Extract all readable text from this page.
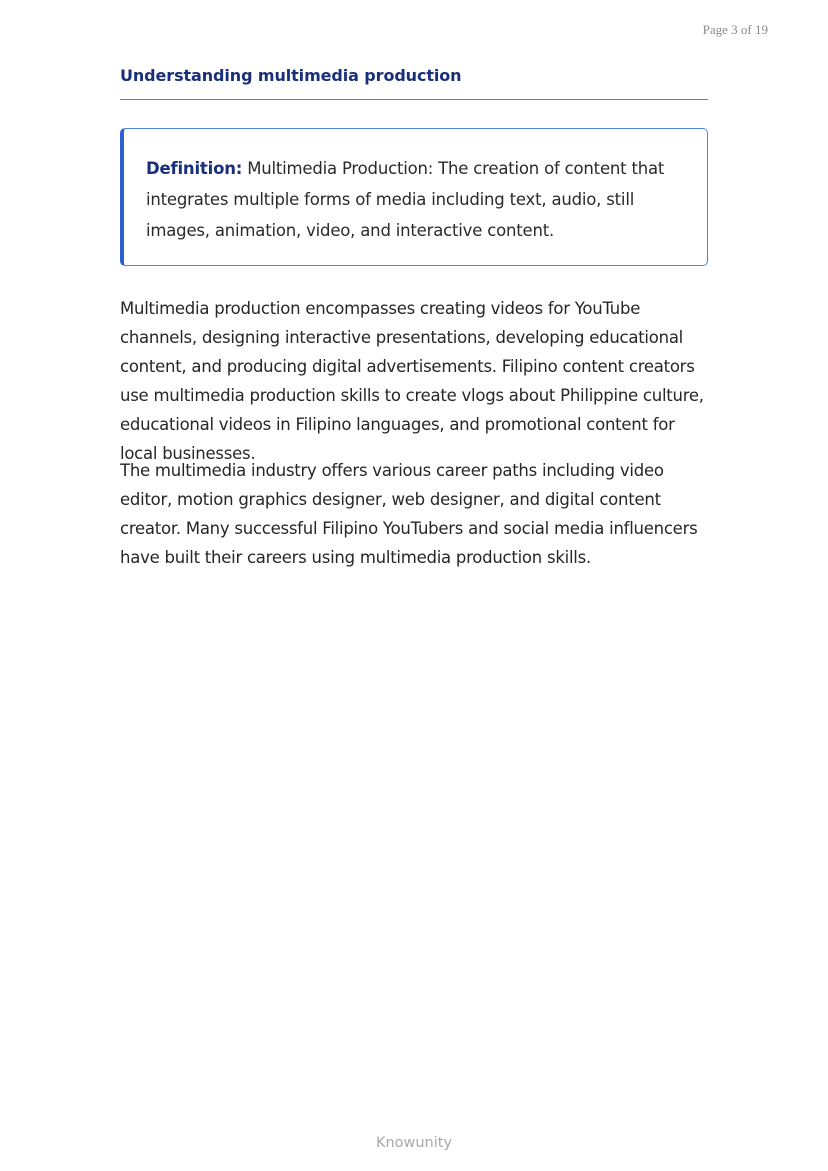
Page 3 of 19
Understanding multimedia production

Definition: Multimedia Production: The creation of content that integrates multiple forms of media including text, audio, still images, animation, video, and interactive content.

Multimedia production encompasses creating videos for YouTube channels, designing interactive presentations, developing educational content, and producing digital advertisements. Filipino content creators use multimedia production skills to create vlogs about Philippine culture, educational videos in Filipino languages, and promotional content for local businesses.

The multimedia industry offers various career paths including video editor, motion graphics designer, web designer, and digital content creator. Many successful Filipino YouTubers and social media influencers have built their careers using multimedia production skills.

Knowunity
